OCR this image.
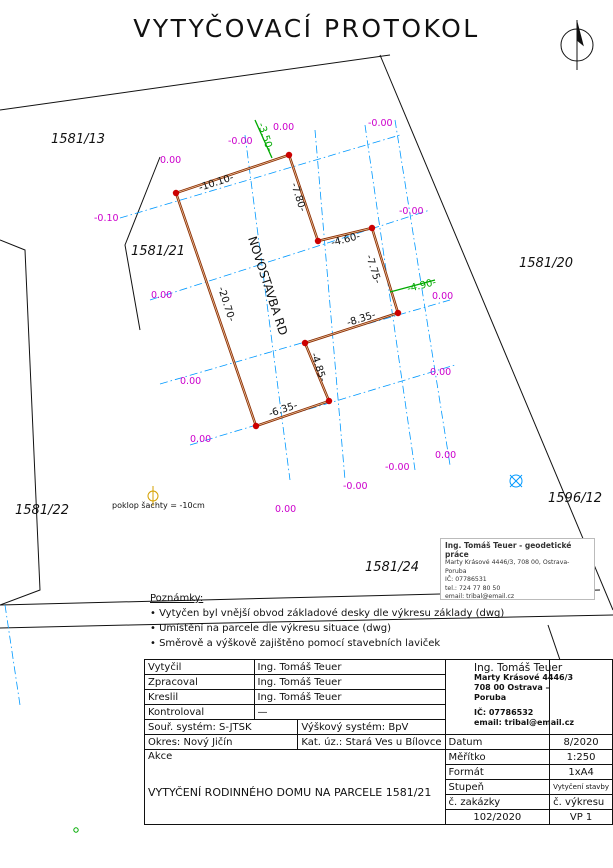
VYTYČOVACÍ PROTOKOL
-10.10-	-7.80-
-4.60-
-7.75-
-8.35-
-4.85-
-6.35-
-20.70-
-3.50-
-4.90-
NOVOSTAVBA RD
0.00
-0.00
0.00	-0.00
-0.10
-0.00
0.00	0.00
0.00
0.00
-0.00
-0.00
0.00
0.00
0.00
1581/13
1581/21
1581/20
1581/22
1581/24
1596/12
poklop šachty = -10cm
Ing. Tomáš Teuer - geodetické práce
Marty Krásové 4446/3, 708 00, Ostrava-Poruba
IČ: 07786531
tel.: 724 77 80 50
email: tribal@email.cz
Poznámky:
• Vytyčen byl vnější obvod základové desky dle výkresu základy (dwg)
• Umístění na parcele dle výkresu situace (dwg)
• Směrově a výškově zajištěno pomocí stavebních laviček
Vytyčil	Ing. Tomáš Teuer			
Zpracoval	Ing. Tomáš Teuer			
Kreslil	Ing. Tomáš Teuer			
Kontroloval	—			
Souř. systém: S-JTSK		Výškový systém: BpV		
Okres: Nový Jičín		Kat. úz.: Stará Ves u Bílovce	Datum	8/2020

Akce
VYTYČENÍ RODINNÉHO DOMU NA PARCELE 1581/21			Měřítko	1:250
			Formát	1xA4
			Stupeň	Vytyčení stavby
			č. zakázky	č. výkresu
			102/2020	VP 1
Ing. Tomáš Teuer
Marty Krásové 4446/3
708 00 Ostrava – Poruba
IČ: 07786532
email: tribal@email.cz
